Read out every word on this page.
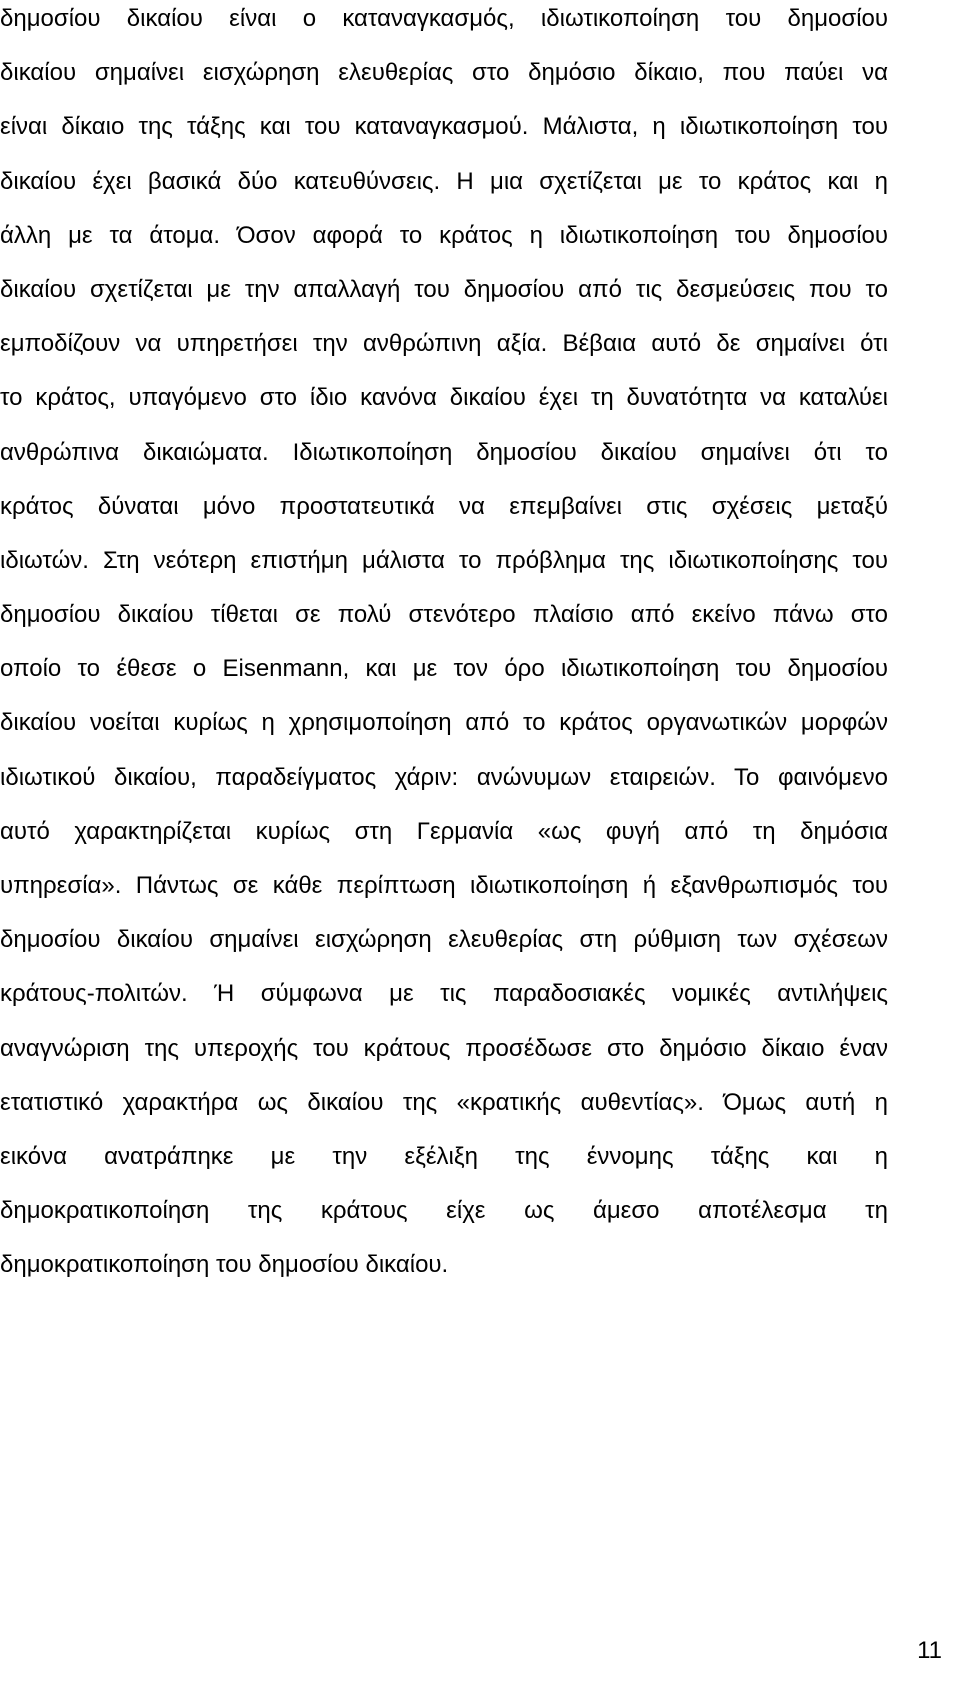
δημοσίου δικαίου είναι ο καταναγκασμός, ιδιωτικοποίηση του δημοσίου
δικαίου σημαίνει εισχώρηση ελευθερίας στο δημόσιο δίκαιο, που παύει να
είναι δίκαιο της τάξης και του καταναγκασμού. Μάλιστα, η ιδιωτικοποίηση του
δικαίου έχει βασικά δύο κατευθύνσεις. Η μια σχετίζεται με το κράτος και η
άλλη με τα άτομα. Όσον αφορά το κράτος η ιδιωτικοποίηση του δημοσίου
δικαίου σχετίζεται με την απαλλαγή του δημοσίου από τις δεσμεύσεις που το
εμποδίζουν να υπηρετήσει την ανθρώπινη αξία. Βέβαια αυτό δε σημαίνει ότι
το κράτος, υπαγόμενο στο ίδιο κανόνα δικαίου έχει τη δυνατότητα να καταλύει
ανθρώπινα δικαιώματα. Ιδιωτικοποίηση δημοσίου δικαίου σημαίνει ότι το
κράτος δύναται μόνο προστατευτικά να επεμβαίνει στις σχέσεις μεταξύ
ιδιωτών. Στη νεότερη επιστήμη μάλιστα το πρόβλημα της ιδιωτικοποίησης του
δημοσίου δικαίου τίθεται σε πολύ στενότερο πλαίσιο από εκείνο πάνω στο
οποίο το έθεσε ο Eisenmann, και με τον όρο ιδιωτικοποίηση του δημοσίου
δικαίου νοείται κυρίως η χρησιμοποίηση από το κράτος οργανωτικών μορφών
ιδιωτικού δικαίου, παραδείγματος χάριν: ανώνυμων εταιρειών. Το φαινόμενο
αυτό χαρακτηρίζεται κυρίως στη Γερμανία «ως φυγή από τη δημόσια
υπηρεσία». Πάντως σε κάθε περίπτωση ιδιωτικοποίηση ή εξανθρωπισμός του
δημοσίου δικαίου σημαίνει εισχώρηση ελευθερίας στη ρύθμιση των σχέσεων
κράτους-πολιτών. Ή σύμφωνα με τις παραδοσιακές νομικές αντιλήψεις
αναγνώριση της υπεροχής του κράτους προσέδωσε στο δημόσιο δίκαιο έναν
ετατιστικό χαρακτήρα ως δικαίου της «κρατικής αυθεντίας». Όμως αυτή η
εικόνα ανατράπηκε με την εξέλιξη της έννομης τάξης και η
δημοκρατικοποίηση της κράτους είχε ως άμεσο αποτέλεσμα τη
δημοκρατικοποίηση του δημοσίου δικαίου.
11
